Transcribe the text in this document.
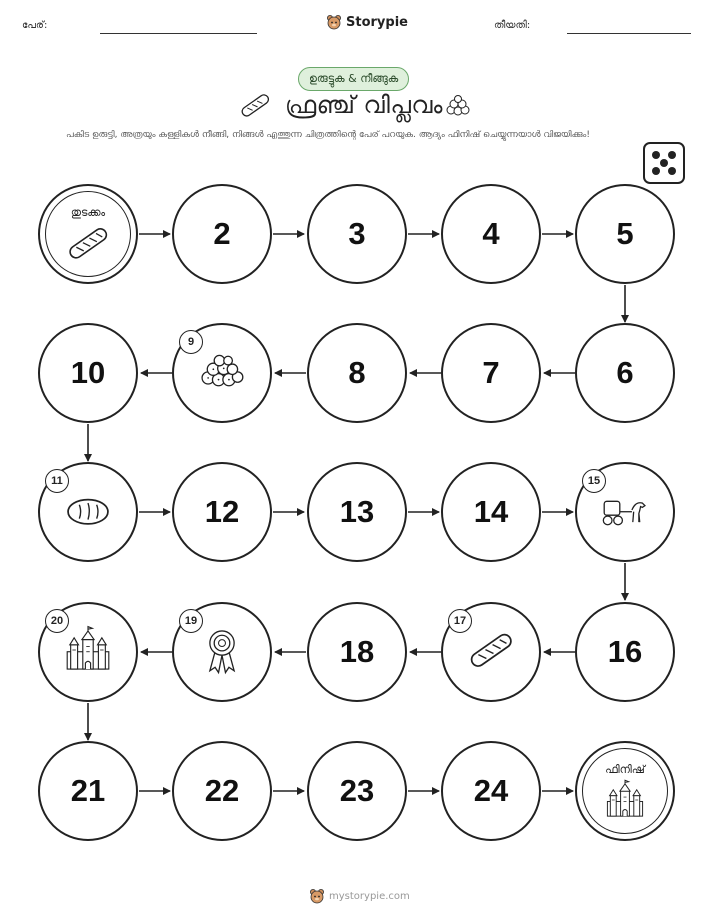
പേര്:	Storypie	തീയതി:
ഉരുട്ടുക & നീങ്ങുക
ഫ്രഞ്ച് വിപ്ലവം
പകിട ഉരുട്ടി, അത്രയും കള്ളികൾ നീങ്ങി, നിങ്ങൾ എത്തുന്ന ചിത്രത്തിന്റെ പേര് പറയുക. ആദ്യം ഫിനിഷ് ചെയ്യുന്നയാൾ വിജയിക്കും!
തുടക്കം
2	3	4	5
6
7
8
9
10
11
12	13	14
15
16
17
18
19
20
21	22	23	24
ഫിനിഷ്
mystorypie.com
